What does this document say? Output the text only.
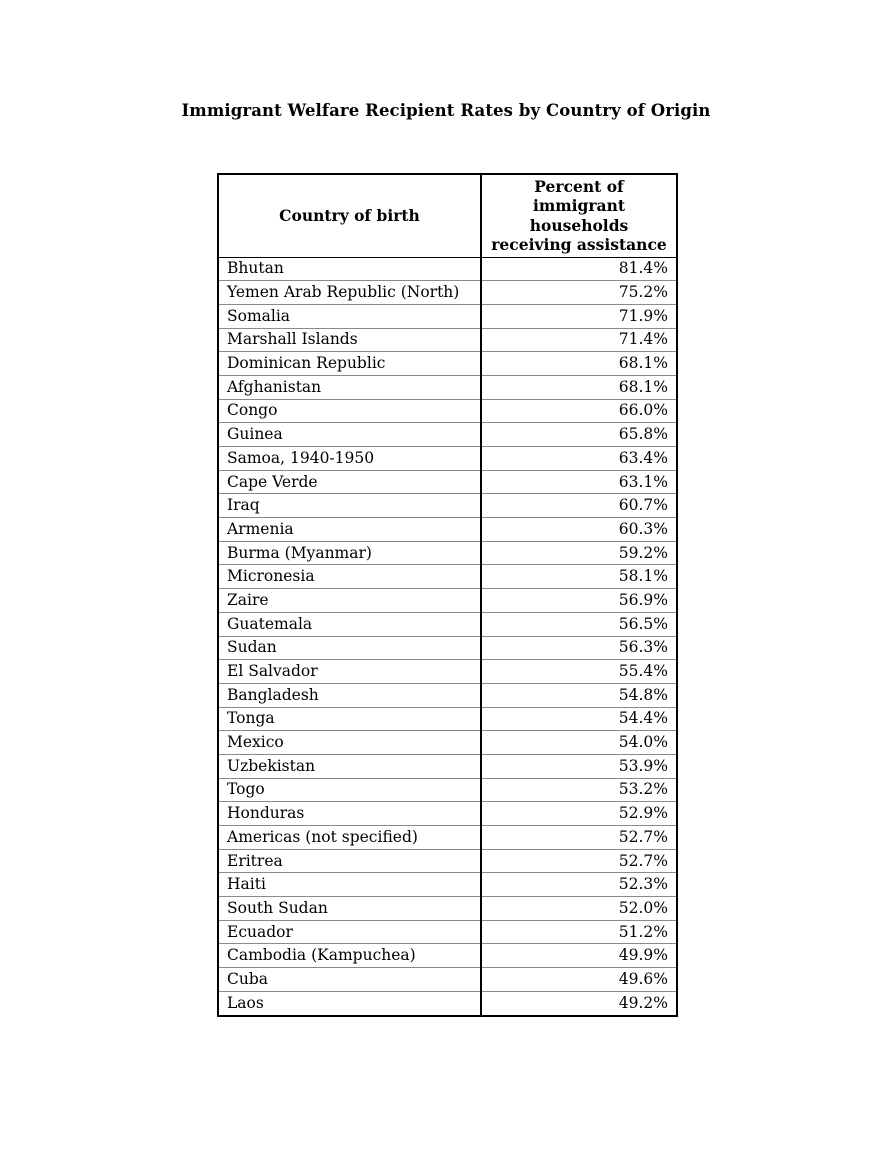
Immigrant Welfare Recipient Rates by Country of Origin
Country of birth	Percent of immigrant households receiving assistance
Bhutan	81.4%
Yemen Arab Republic (North)	75.2%
Somalia	71.9%
Marshall Islands	71.4%
Dominican Republic	68.1%
Afghanistan	68.1%
Congo	66.0%
Guinea	65.8%
Samoa, 1940-1950	63.4%
Cape Verde	63.1%
Iraq	60.7%
Armenia	60.3%
Burma (Myanmar)	59.2%
Micronesia	58.1%
Zaire	56.9%
Guatemala	56.5%
Sudan	56.3%
El Salvador	55.4%
Bangladesh	54.8%
Tonga	54.4%
Mexico	54.0%
Uzbekistan	53.9%
Togo	53.2%
Honduras	52.9%
Americas (not specified)	52.7%
Eritrea	52.7%
Haiti	52.3%
South Sudan	52.0%
Ecuador	51.2%
Cambodia (Kampuchea)	49.9%
Cuba	49.6%
Laos	49.2%
